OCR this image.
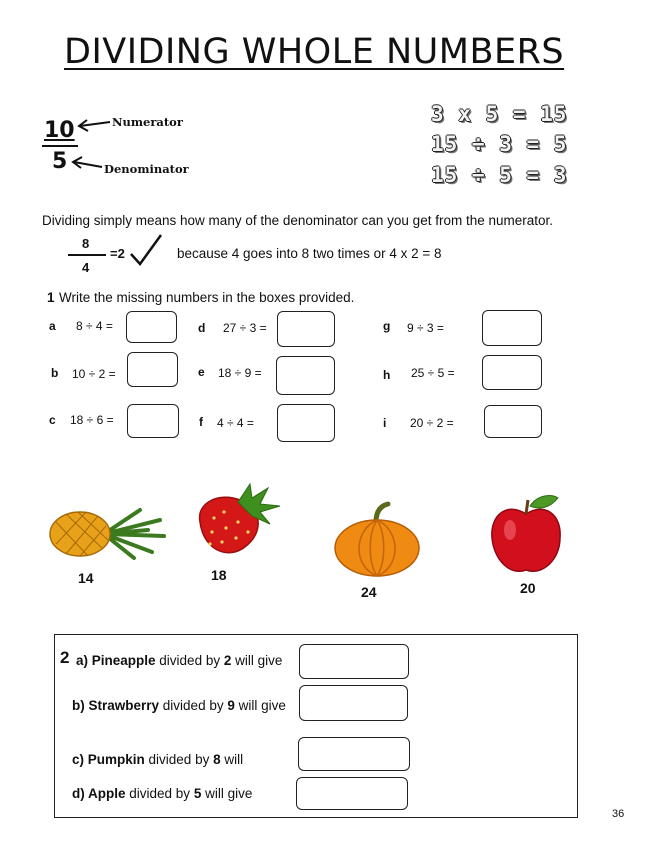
DIVIDING WHOLE NUMBERS
10
5
Numerator
Denominator
3 x 5 = 15
15 ÷ 3 = 5
15 ÷ 5 = 3
Dividing simply means how many of the denominator can you get from the numerator.
8
4
=2	because 4 goes into 8 two times or 4 x 2 = 8
1 Write the missing numbers in the boxes provided.
a 8 ÷ 4 =
b 10 ÷ 2 =
c 18 ÷ 6 =
d 27 ÷ 3 =
e 18 ÷ 9 =
f 4 ÷ 4 =
g 9 ÷ 3 =
h 25 ÷ 5 =
i 20 ÷ 2 =
14	18
24	20
2 a) Pineapple divided by 2 will give
b) Strawberry divided by 9 will give
c) Pumpkin divided by 8 will
d) Apple divided by 5 will give
36
